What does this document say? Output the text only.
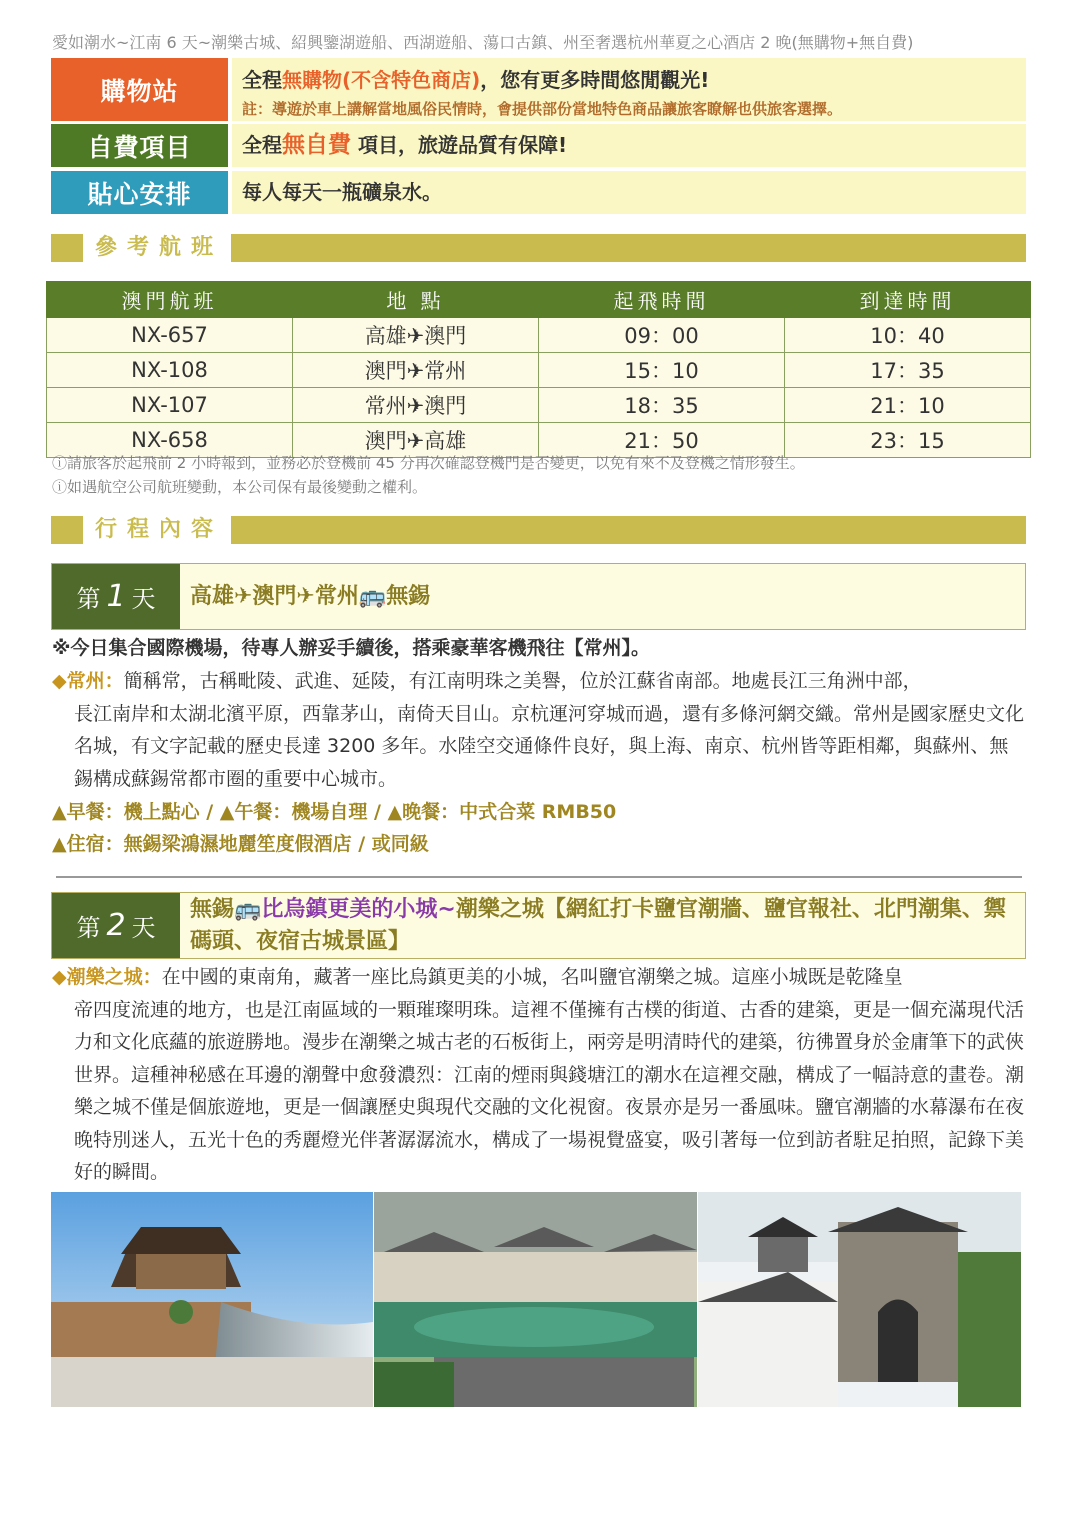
愛如潮水~江南 6 天~潮樂古城、紹興鑒湖遊船、西湖遊船、蕩口古鎮、州至奢選杭州華夏之心酒店 2 晚(無購物+無自費)
購物站	全程無購物(不含特色商店)，您有更多時間悠閒觀光!
註：導遊於車上講解當地風俗民情時，會提供部份當地特色商品讓旅客瞭解也供旅客選擇。
自費項目	全程無自費 項目，旅遊品質有保障!
貼心安排	每人每天一瓶礦泉水。
參考航班
澳門航班	地 點	起飛時間	到達時間
NX-657	高雄✈澳門	09：00	10：40
NX-108	澳門✈常州	15：10	17：35
NX-107	常州✈澳門	18：35	21：10
NX-658	澳門✈高雄	21：50	23：15
ⓘ請旅客於起飛前 2 小時報到，並務必於登機前 45 分再次確認登機門是否變更，以免有來不及登機之情形發生。
ⓘ如遇航空公司航班變動，本公司保有最後變動之權利。
行程內容
第 1 天 高雄✈澳門✈常州🚌無錫
※今日集合國際機場，待專人辦妥手續後，搭乘豪華客機飛往【常州】。
◆常州：簡稱常，古稱毗陵、武進、延陵，有江南明珠之美譽，位於江蘇省南部。地處長江三角洲中部，
長江南岸和太湖北濱平原，西靠茅山，南倚天目山。京杭運河穿城而過，還有多條河網交織。常州是國家歷史文化名城，有文字記載的歷史長達 3200 多年。水陸空交通條件良好，與上海、南京、杭州皆等距相鄰，與蘇州、無錫構成蘇錫常都市圈的重要中心城市。
▲早餐：機上點心 / ▲午餐：機場自理 / ▲晚餐：中式合菜 RMB50
▲住宿：無錫梁鴻濕地麗笙度假酒店 / 或同級
第 2 天
無錫🚌比烏鎮更美的小城~潮樂之城【網紅打卡鹽官潮牆、鹽官報社、北門潮集、禦碼頭、夜宿古城景區】
◆潮樂之城：在中國的東南角，藏著一座比烏鎮更美的小城，名叫鹽官潮樂之城。這座小城既是乾隆皇
帝四度流連的地方，也是江南區域的一顆璀璨明珠。這裡不僅擁有古樸的街道、古香的建築，更是一個充滿現代活力和文化底蘊的旅遊勝地。漫步在潮樂之城古老的石板街上，兩旁是明清時代的建築，彷彿置身於金庸筆下的武俠世界。這種神秘感在耳邊的潮聲中愈發濃烈：江南的煙雨與錢塘江的潮水在這裡交融，構成了一幅詩意的畫卷。潮樂之城不僅是個旅遊地，更是一個讓歷史與現代交融的文化視窗。夜景亦是另一番風味。鹽官潮牆的水幕瀑布在夜晚特別迷人，五光十色的秀麗燈光伴著潺潺流水，構成了一場視覺盛宴，吸引著每一位到訪者駐足拍照，記錄下美好的瞬間。
